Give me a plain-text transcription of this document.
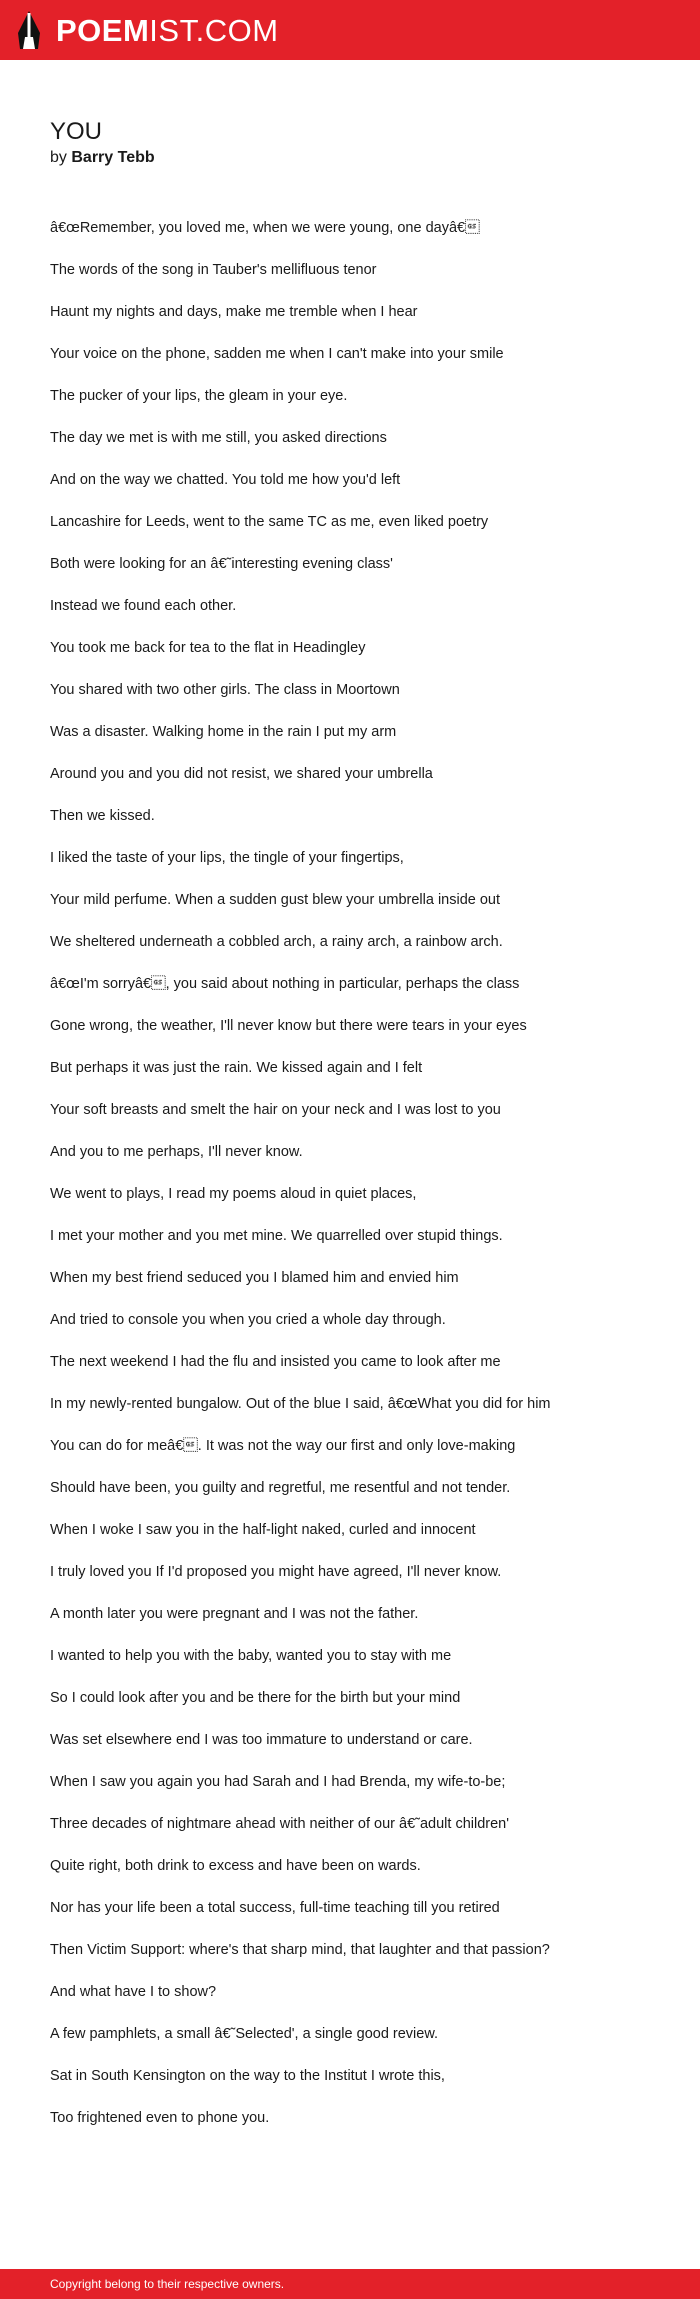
POEMIST.COM
YOU
by Barry Tebb

â€œRemember, you loved me, when we were young, one dayâ€

The words of the song in Tauber's mellifluous tenor

Haunt my nights and days, make me tremble when I hear

Your voice on the phone, sadden me when I can't make into your smile

The pucker of your lips, the gleam in your eye.

The day we met is with me still, you asked directions

And on the way we chatted. You told me how you'd left

Lancashire for Leeds, went to the same TC as me, even liked poetry

Both were looking for an â€˜interesting evening class'

Instead we found each other.

You took me back for tea to the flat in Headingley

You shared with two other girls. The class in Moortown

Was a disaster. Walking home in the rain I put my arm

Around you and you did not resist, we shared your umbrella

Then we kissed.

I liked the taste of your lips, the tingle of your fingertips,

Your mild perfume. When a sudden gust blew your umbrella inside out

We sheltered underneath a cobbled arch, a rainy arch, a rainbow arch.

â€œI'm sorryâ€, you said about nothing in particular, perhaps the class

Gone wrong, the weather, I'll never know but there were tears in your eyes

But perhaps it was just the rain. We kissed again and I felt

Your soft breasts and smelt the hair on your neck and I was lost to you

And you to me perhaps, I'll never know.

We went to plays, I read my poems aloud in quiet places,

I met your mother and you met mine. We quarrelled over stupid things.

When my best friend seduced you I blamed him and envied him

And tried to console you when you cried a whole day through.

The next weekend I had the flu and insisted you came to look after me

In my newly-rented bungalow. Out of the blue I said, â€œWhat you did for him

You can do for meâ€. It was not the way our first and only love-making

Should have been, you guilty and regretful, me resentful and not tender.

When I woke I saw you in the half-light naked, curled and innocent

I truly loved you If I'd proposed you might have agreed, I'll never know.

A month later you were pregnant and I was not the father.

I wanted to help you with the baby, wanted you to stay with me

So I could look after you and be there for the birth but your mind

Was set elsewhere end I was too immature to understand or care.

When I saw you again you had Sarah and I had Brenda, my wife-to-be;

Three decades of nightmare ahead with neither of our â€˜adult children'

Quite right, both drink to excess and have been on wards.

Nor has your life been a total success, full-time teaching till you retired

Then Victim Support: where's that sharp mind, that laughter and that passion?

And what have I to show?

A few pamphlets, a small â€˜Selected', a single good review.

Sat in South Kensington on the way to the Institut I wrote this,

Too frightened even to phone you.

Copyright belong to their respective owners.
